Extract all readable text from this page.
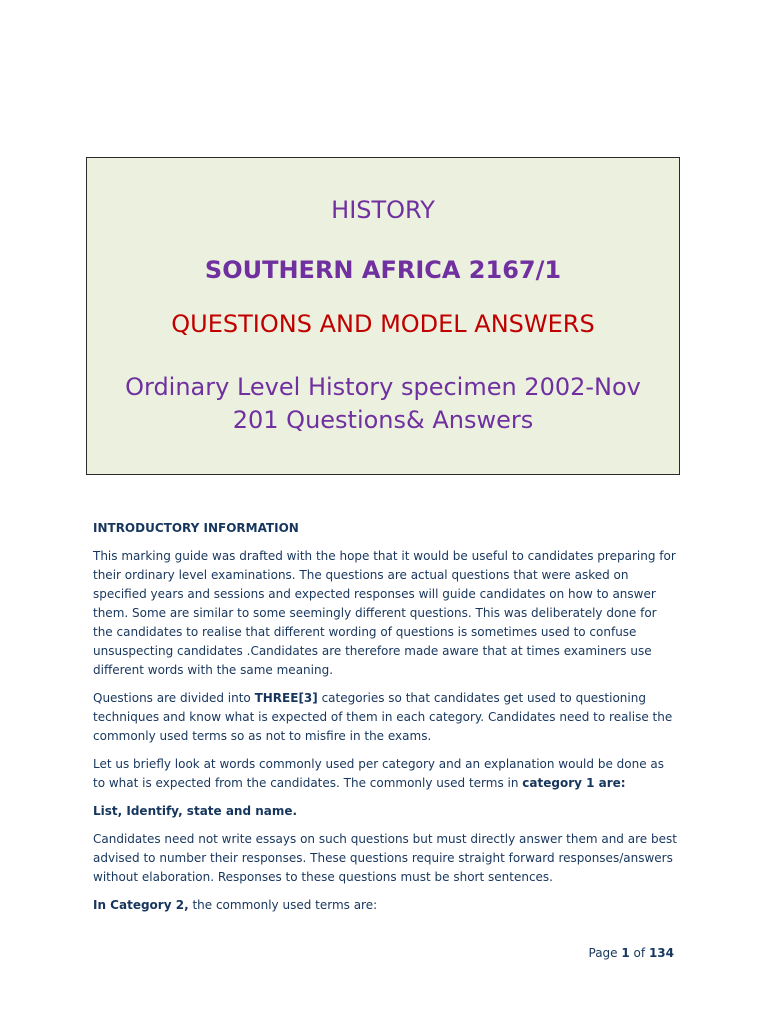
HISTORY
SOUTHERN AFRICA 2167/1
QUESTIONS AND MODEL ANSWERS
Ordinary Level History specimen 2002-Nov
201 Questions& Answers
INTRODUCTORY INFORMATION

This marking guide was drafted with the hope that it would be useful to candidates preparing for their ordinary level examinations. The questions are actual questions that were asked on specified years and sessions and expected responses will guide candidates on how to answer them. Some are similar to some seemingly different questions. This was deliberately done for the candidates to realise that different wording of questions is sometimes used to confuse unsuspecting candidates .Candidates are therefore made aware that at times examiners use different words with the same meaning.

Questions are divided into THREE[3] categories so that candidates get used to questioning techniques and know what is expected of them in each category. Candidates need to realise the commonly used terms so as not to misfire in the exams.

Let us briefly look at words commonly used per category and an explanation would be done as to what is expected from the candidates. The commonly used terms in category 1 are:

List, Identify, state and name.

Candidates need not write essays on such questions but must directly answer them and are best advised to number their responses. These questions require straight forward responses/answers without elaboration. Responses to these questions must be short sentences.

In Category 2, the commonly used terms are:

Page 1 of 134
